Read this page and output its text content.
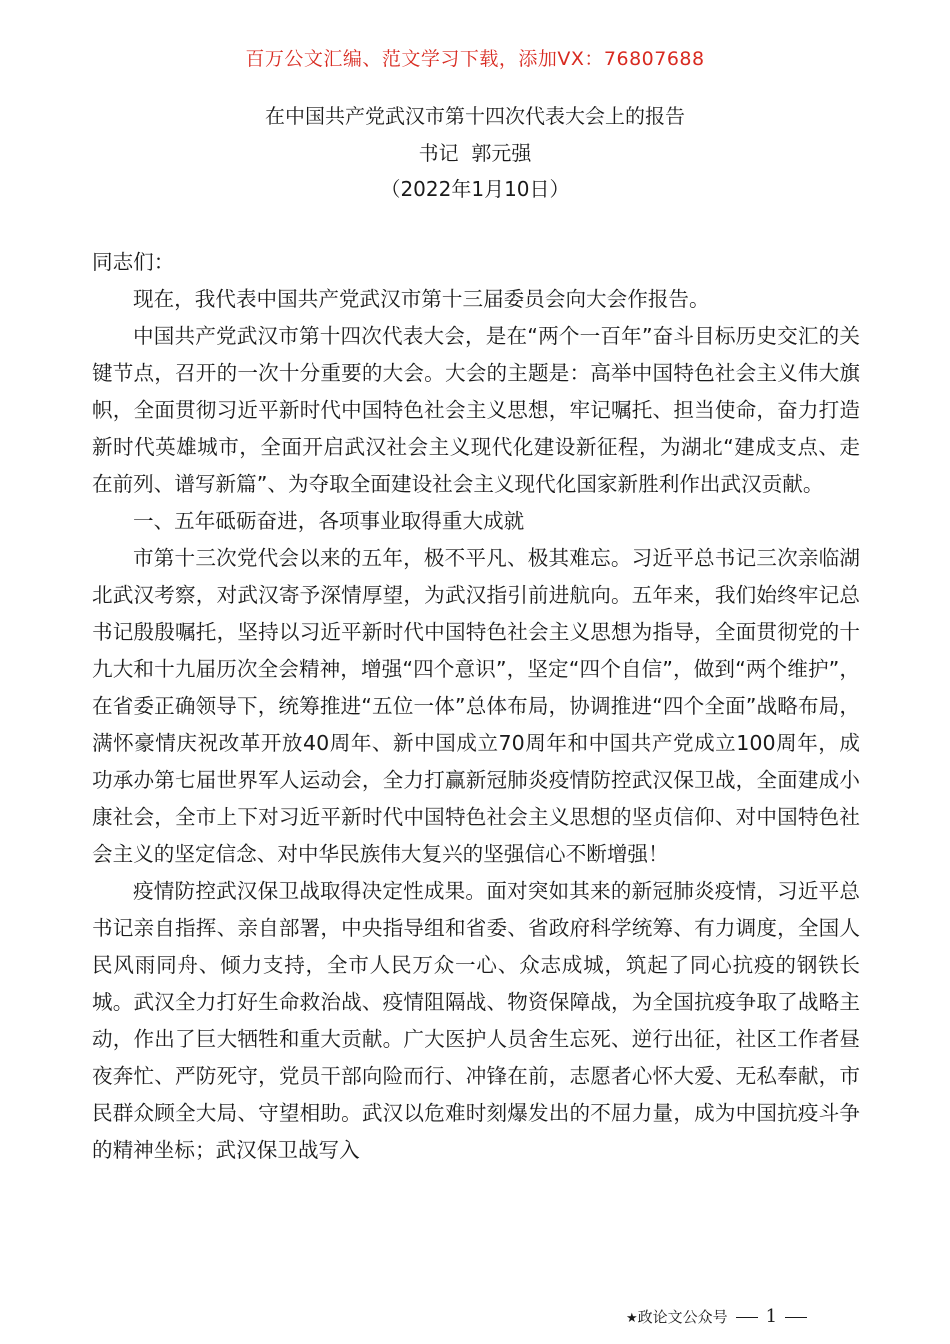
百万公文汇编、范文学习下载，添加VX：76807688
在中国共产党武汉市第十四次代表大会上的报告
书记  郭元强
（2022年1月10日）

同志们：

现在，我代表中国共产党武汉市第十三届委员会向大会作报告。

中国共产党武汉市第十四次代表大会，是在“两个一百年”奋斗目标历史交汇的关键节点，召开的一次十分重要的大会。大会的主题是：高举中国特色社会主义伟大旗帜，全面贯彻习近平新时代中国特色社会主义思想，牢记嘱托、担当使命，奋力打造新时代英雄城市，全面开启武汉社会主义现代化建设新征程，为湖北“建成支点、走在前列、谱写新篇”、为夺取全面建设社会主义现代化国家新胜利作出武汉贡献。

一、五年砥砺奋进，各项事业取得重大成就

市第十三次党代会以来的五年，极不平凡、极其难忘。习近平总书记三次亲临湖北武汉考察，对武汉寄予深情厚望，为武汉指引前进航向。五年来，我们始终牢记总书记殷殷嘱托，坚持以习近平新时代中国特色社会主义思想为指导，全面贯彻党的十九大和十九届历次全会精神，增强“四个意识”，坚定“四个自信”，做到“两个维护”，在省委正确领导下，统筹推进“五位一体”总体布局，协调推进“四个全面”战略布局，满怀豪情庆祝改革开放40周年、新中国成立70周年和中国共产党成立100周年，成功承办第七届世界军人运动会，全力打赢新冠肺炎疫情防控武汉保卫战，全面建成小康社会，全市上下对习近平新时代中国特色社会主义思想的坚贞信仰、对中国特色社会主义的坚定信念、对中华民族伟大复兴的坚强信心不断增强！

疫情防控武汉保卫战取得决定性成果。面对突如其来的新冠肺炎疫情，习近平总书记亲自指挥、亲自部署，中央指导组和省委、省政府科学统筹、有力调度，全国人民风雨同舟、倾力支持，全市人民万众一心、众志成城，筑起了同心抗疫的钢铁长城。武汉全力打好生命救治战、疫情阻隔战、物资保障战，为全国抗疫争取了战略主动，作出了巨大牺牲和重大贡献。广大医护人员舍生忘死、逆行出征，社区工作者昼夜奔忙、严防死守，党员干部向险而行、冲锋在前，志愿者心怀大爱、无私奉献，市民群众顾全大局、守望相助。武汉以危难时刻爆发出的不屈力量，成为中国抗疫斗争的精神坐标；武汉保卫战写入

★政论文公众号 1
